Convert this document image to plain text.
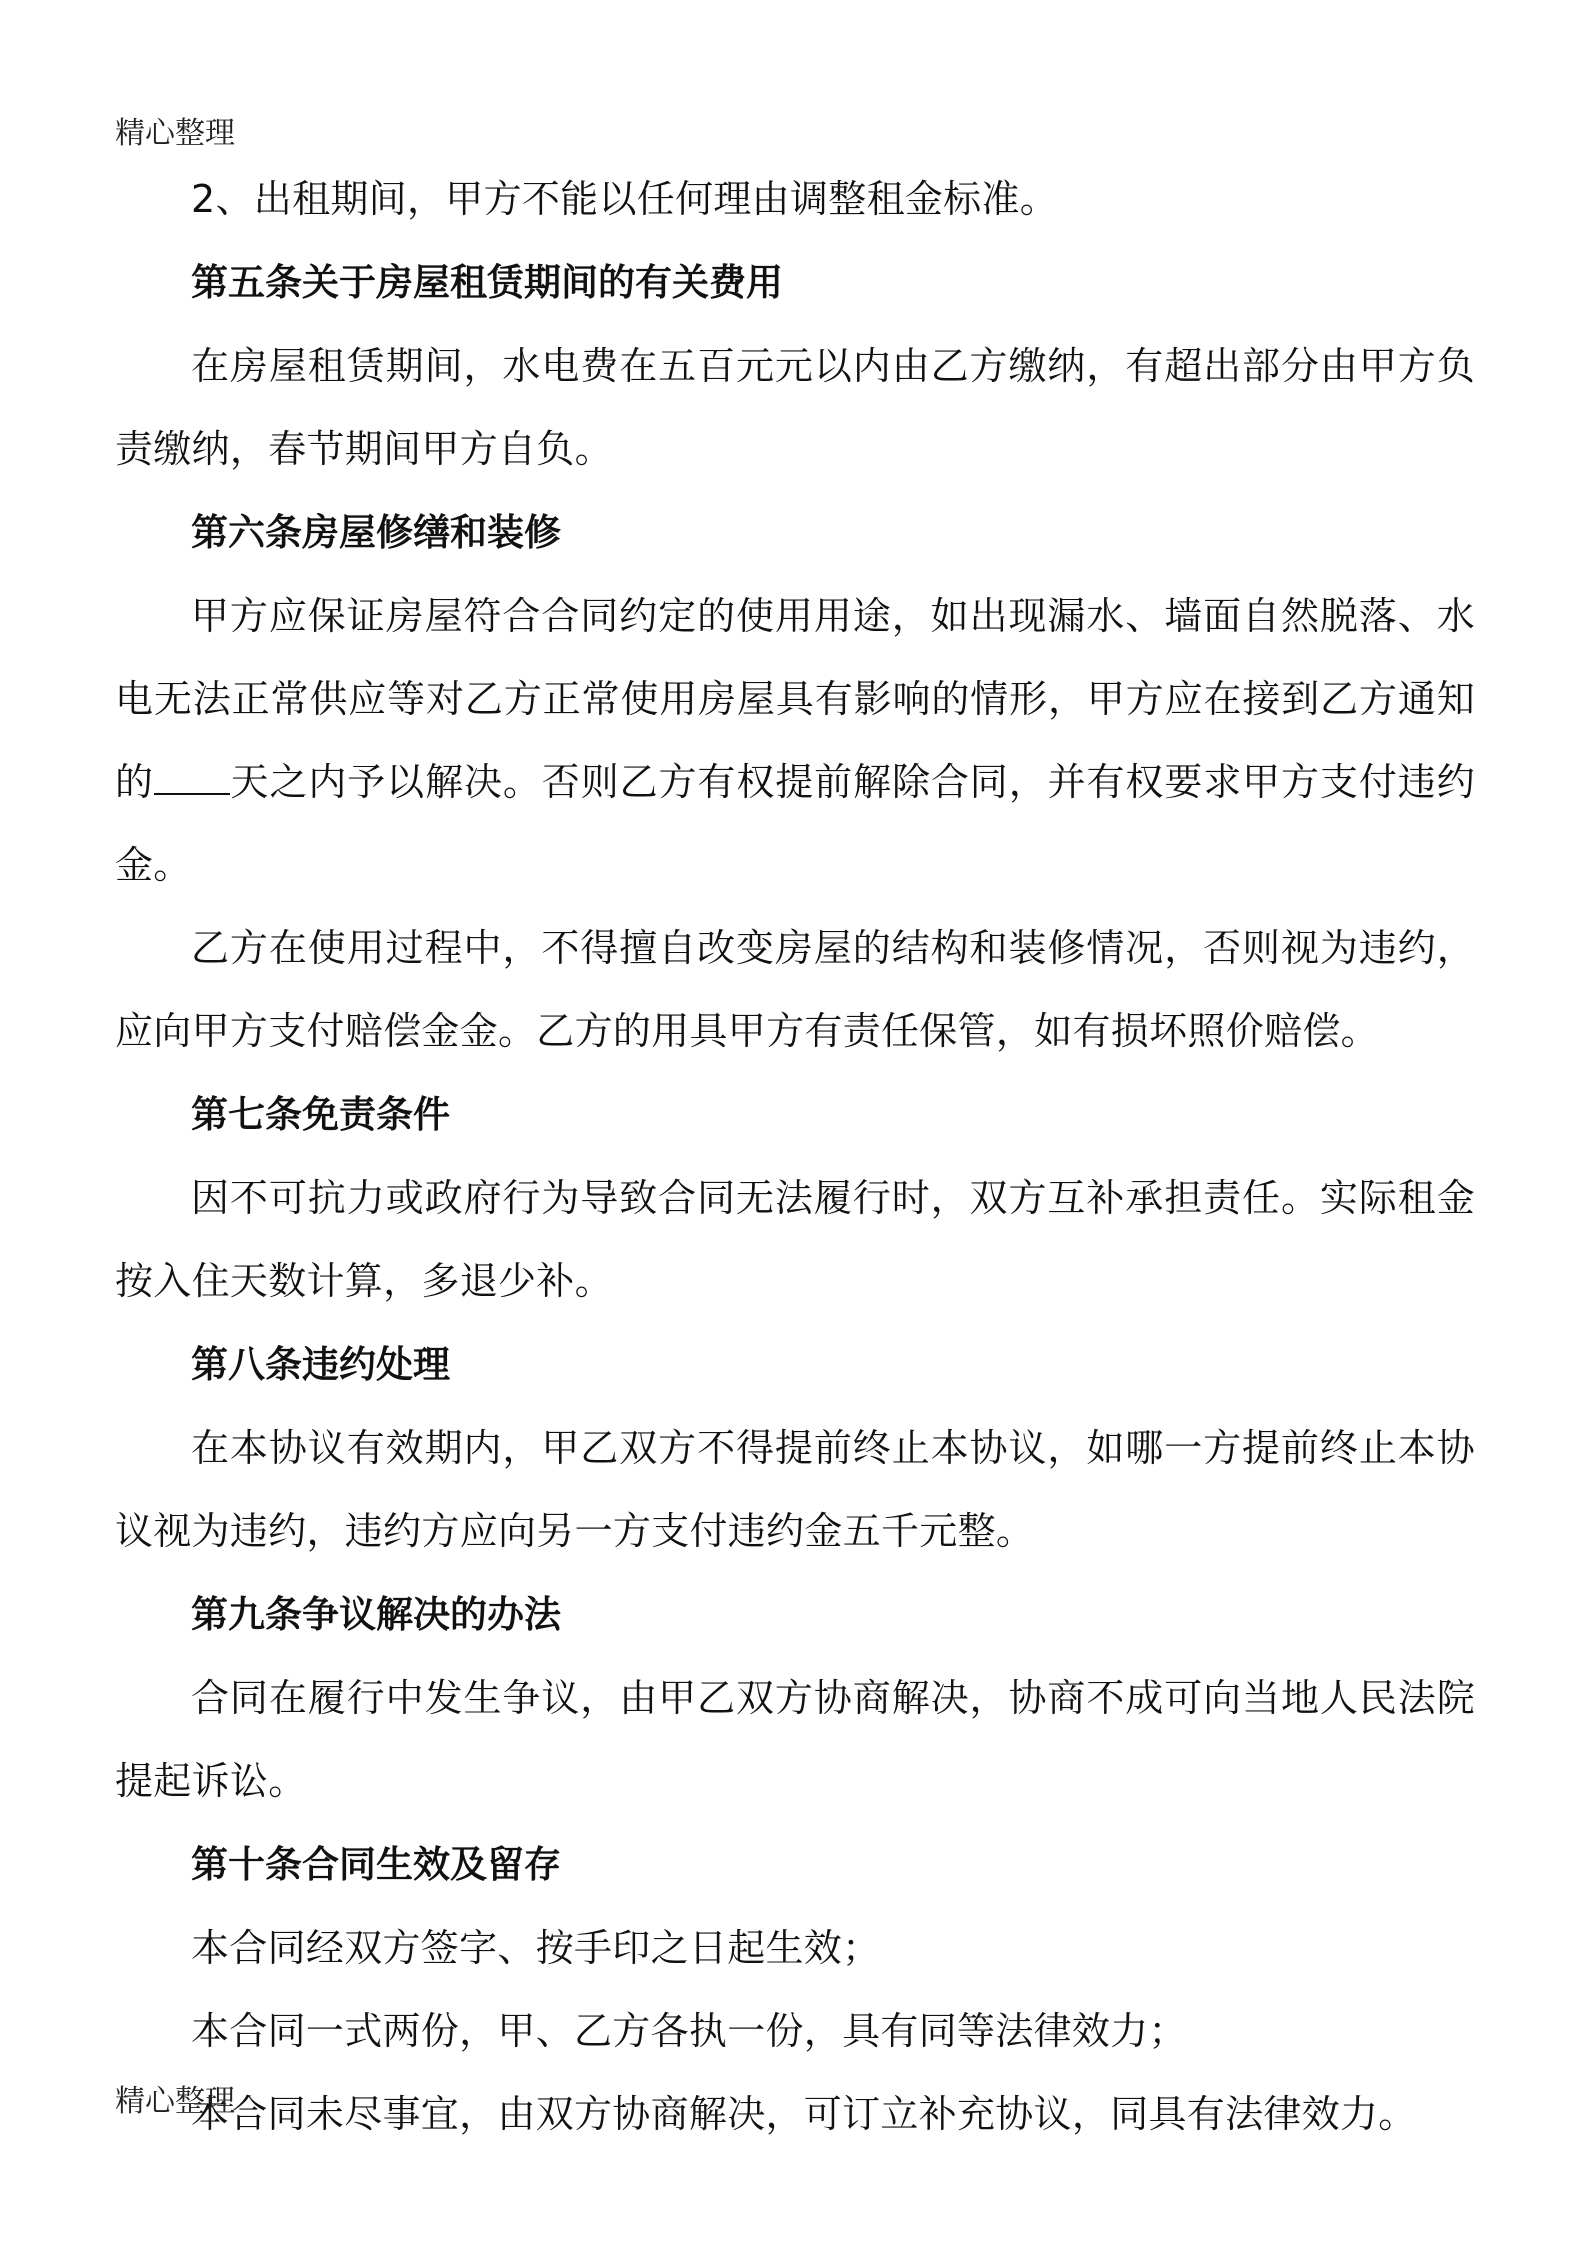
精心整理

2、出租期间，甲方不能以任何理由调整租金标准。

第五条关于房屋租赁期间的有关费用

在房屋租赁期间，水电费在五百元元以内由乙方缴纳，有超出部分由甲方负责缴纳，春节期间甲方自负。

第六条房屋修缮和装修

甲方应保证房屋符合合同约定的使用用途，如出现漏水、墙面自然脱落、水电无法正常供应等对乙方正常使用房屋具有影响的情形，甲方应在接到乙方通知的 天之内予以解决。否则乙方有权提前解除合同，并有权要求甲方支付违约金。

乙方在使用过程中，不得擅自改变房屋的结构和装修情况，否则视为违约，应向甲方支付赔偿金金。乙方的用具甲方有责任保管，如有损坏照价赔偿。

第七条免责条件

因不可抗力或政府行为导致合同无法履行时，双方互补承担责任。实际租金按入住天数计算，多退少补。

第八条违约处理

在本协议有效期内，甲乙双方不得提前终止本协议，如哪一方提前终止本协议视为违约，违约方应向另一方支付违约金五千元整。

第九条争议解决的办法

合同在履行中发生争议，由甲乙双方协商解决，协商不成可向当地人民法院提起诉讼。

第十条合同生效及留存

本合同经双方签字、按手印之日起生效；

本合同一式两份，甲、乙方各执一份，具有同等法律效力；

本合同未尽事宜，由双方协商解决，可订立补充协议，同具有法律效力。

精心整理
